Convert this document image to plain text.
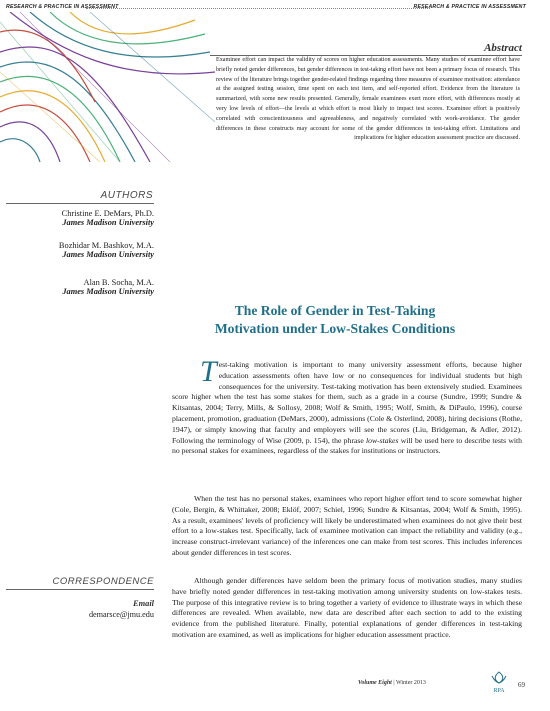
RESEARCH & PRACTICE IN ASSESSMENT	RESEARCH & PRACTICE IN ASSESSMENT
Abstract
Examinee effort can impact the validity of scores on higher education assessments. Many studies of examinee effort have briefly noted gender differences, but gender differences in test-taking effort have not been a primary focus of research. This review of the literature brings together gender-related findings regarding three measures of examinee motivation: attendance at the assigned testing session, time spent on each test item, and self-reported effort. Evidence from the literature is summarized, with some new results presented. Generally, female examinees exert more effort, with differences mostly at very low levels of effort—the levels at which effort is most likely to impact test scores. Examinee effort is positively correlated with conscientiousness and agreeableness, and negatively correlated with work-avoidance. The gender differences in these constructs may account for some of the gender differences in test-taking effort. Limitations and implications for higher education assessment practice are discussed.
AUTHORS
Christine E. DeMars, Ph.D.
James Madison University
Bozhidar M. Bashkov, M.A.
James Madison University
Alan B. Socha, M.A.
James Madison University
The Role of Gender in Test-Taking
Motivation under Low-Stakes Conditions
Test-taking motivation is important to many university assessment efforts, because higher education assessments often have low or no consequences for individual students but high consequences for the university. Test-taking motivation has been extensively studied. Examinees score higher when the test has some stakes for them, such as a grade in a course (Sundre, 1999; Sundre & Kitsantas, 2004; Terry, Mills, & Sollosy, 2008; Wolf & Smith, 1995; Wolf, Smith, & DiPaulo, 1996), course placement, promotion, graduation (DeMars, 2000), admissions (Cole & Osterlind, 2008), hiring decisions (Rothe, 1947), or simply knowing that faculty and employers will see the scores (Liu, Bridgeman, & Adler, 2012). Following the terminology of Wise (2009, p. 154), the phrase low-stakes will be used here to describe tests with no personal stakes for examinees, regardless of the stakes for institutions or instructors.
When the test has no personal stakes, examinees who report higher effort tend to score somewhat higher (Cole, Bergin, & Whittaker, 2008; Eklöf, 2007; Schiel, 1996; Sundre & Kitsantas, 2004; Wolf & Smith, 1995). As a result, examinees' levels of proficiency will likely be underestimated when examinees do not give their best effort to a low-stakes test. Specifically, lack of examinee motivation can impact the reliability and validity (e.g., increase construct-irrelevant variance) of the inferences one can make from test scores. This includes inferences about gender differences in test scores.
Although gender differences have seldom been the primary focus of motivation studies, many studies have briefly noted gender differences in test-taking motivation among university students on low-stakes tests. The purpose of this integrative review is to bring together a variety of evidence to illustrate ways in which these differences are revealed. When available, new data are described after each section to add to the existing evidence from the published literature. Finally, potential explanations of gender differences in test-taking motivation are examined, as well as implications for higher education assessment practice.
CORRESPONDENCE
Email
demarsce@jmu.edu
Volume Eight | Winter 2013
RPA
69
